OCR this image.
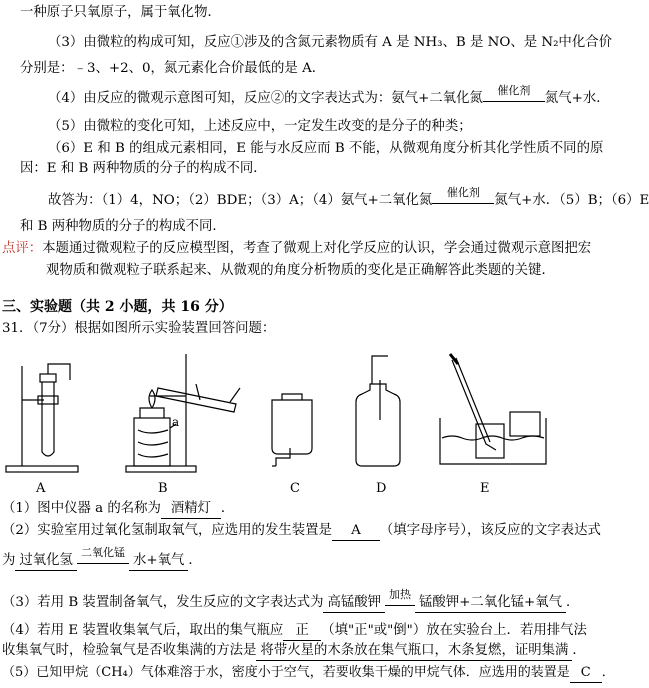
一种原子只氧原子，属于氧化物．
（3）由微粒的构成可知，反应①涉及的含氮元素物质有 A 是 NH₃、B 是 NO、是 N₂中化合价
分别是：﹣3、+2、0，氮元素化合价最低的是 A．
（4）由反应的微观示意图可知，反应②的文字表达式为：氨气+二氧化氮
催化剂
氮气+水．
（5）由微粒的变化可知，上述反应中，一定发生改变的是分子的种类；
（6）E 和 B 的组成元素相同，E 能与水反应而 B 不能，从微观角度分析其化学性质不同的原
因：E 和 B 两种物质的分子的构成不同．
故答为：（1）4，NO；（2）BDE；（3）A；（4）氨气+二氧化氮
催化剂
氮气+水．（5）B；（6）E
和 B 两种物质的分子的构成不同．
点评：本题通过微观粒子的反应模型图，考查了微观上对化学反应的认识，学会通过微观示意图把宏
观物质和微观粒子联系起来、从微观的角度分析物质的变化是正确解答此类题的关键．
三、实验题（共 2 小题，共 16 分）
31．（7分）根据如图所示实验装置回答问题：
a
A	B	C	D	E
（1）图中仪器 a 的名称为 酒精灯 ．
（2）实验室用过氧化氢制取氧气，应选用的发生装置是 A （填字母序号），该反应的文字表达式
为 过氧化氢
二氧化锰
水+氧气 ．
（3）若用 B 装置制备氧气，发生反应的文字表达式为 高锰酸钾
加热
锰酸钾+二氧化锰+氧气 ．
（4）若用 E 装置收集氧气后，取出的集气瓶应 正 （填"正"或"倒"）放在实验台上．若用排气法
收集氧气时，检验氧气是否收集满的方法是 将带火星的木条放在集气瓶口，木条复燃，证明集满 ．
（5）已知甲烷（CH₄）气体难溶于水，密度小于空气，若要收集干燥的甲烷气体．应选用的装置是 C ．
